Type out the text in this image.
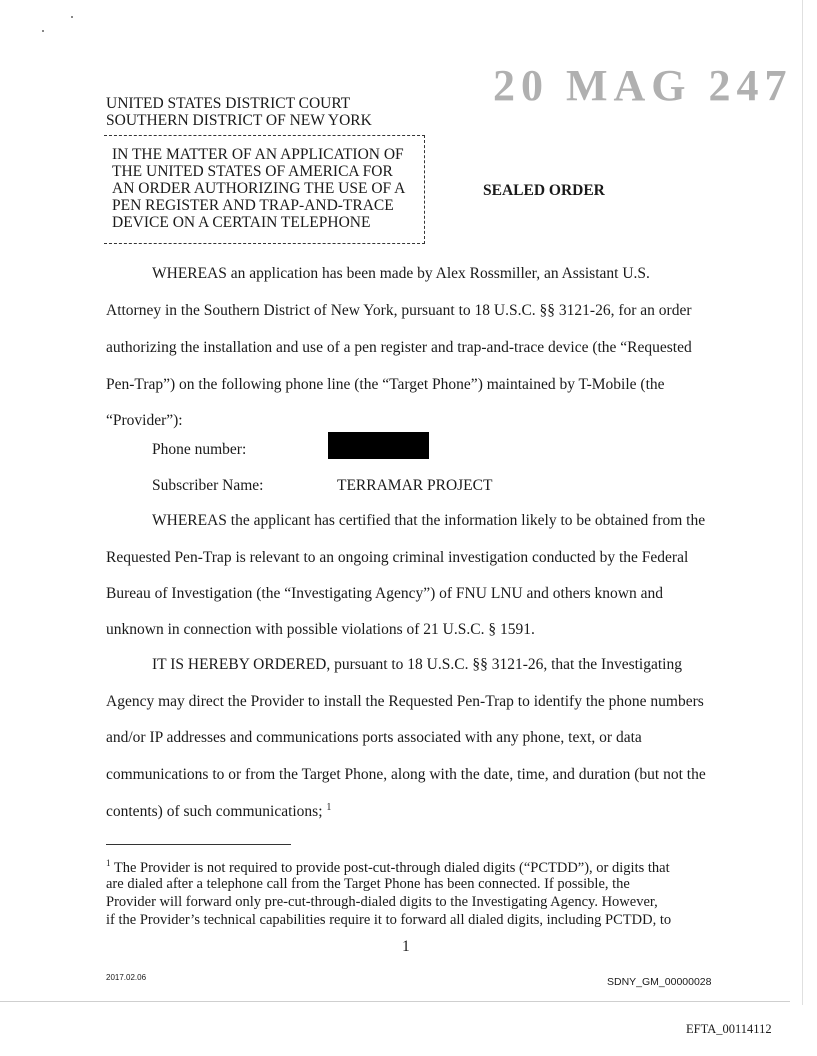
UNITED STATES DISTRICT COURT
SOUTHERN DISTRICT OF NEW YORK
20 MAG 247
IN THE MATTER OF AN APPLICATION OF
THE UNITED STATES OF AMERICA FOR
AN ORDER AUTHORIZING THE USE OF A
PEN REGISTER AND TRAP-AND-TRACE
DEVICE ON A CERTAIN TELEPHONE
SEALED ORDER
WHEREAS an application has been made by Alex Rossmiller, an Assistant U.S.
Attorney in the Southern District of New York, pursuant to 18 U.S.C. §§ 3121-26, for an order
authorizing the installation and use of a pen register and trap-and-trace device (the “Requested
Pen-Trap”) on the following phone line (the “Target Phone”) maintained by T-Mobile (the
“Provider”):
Phone number:
Subscriber Name:	TERRAMAR PROJECT
WHEREAS the applicant has certified that the information likely to be obtained from the
Requested Pen-Trap is relevant to an ongoing criminal investigation conducted by the Federal
Bureau of Investigation (the “Investigating Agency”) of FNU LNU and others known and
unknown in connection with possible violations of 21 U.S.C. § 1591.
IT IS HEREBY ORDERED, pursuant to 18 U.S.C. §§ 3121-26, that the Investigating
Agency may direct the Provider to install the Requested Pen-Trap to identify the phone numbers
and/or IP addresses and communications ports associated with any phone, text, or data
communications to or from the Target Phone, along with the date, time, and duration (but not the
contents) of such communications; $^1$
$^1$ The Provider is not required to provide post-cut-through dialed digits (“PCTDD”), or digits that
are dialed after a telephone call from the Target Phone has been connected. If possible, the
Provider will forward only pre-cut-through-dialed digits to the Investigating Agency. However,
if the Provider’s technical capabilities require it to forward all dialed digits, including PCTDD, to
1
2017.02.06	SDNY_GM_00000028
EFTA_00114112
